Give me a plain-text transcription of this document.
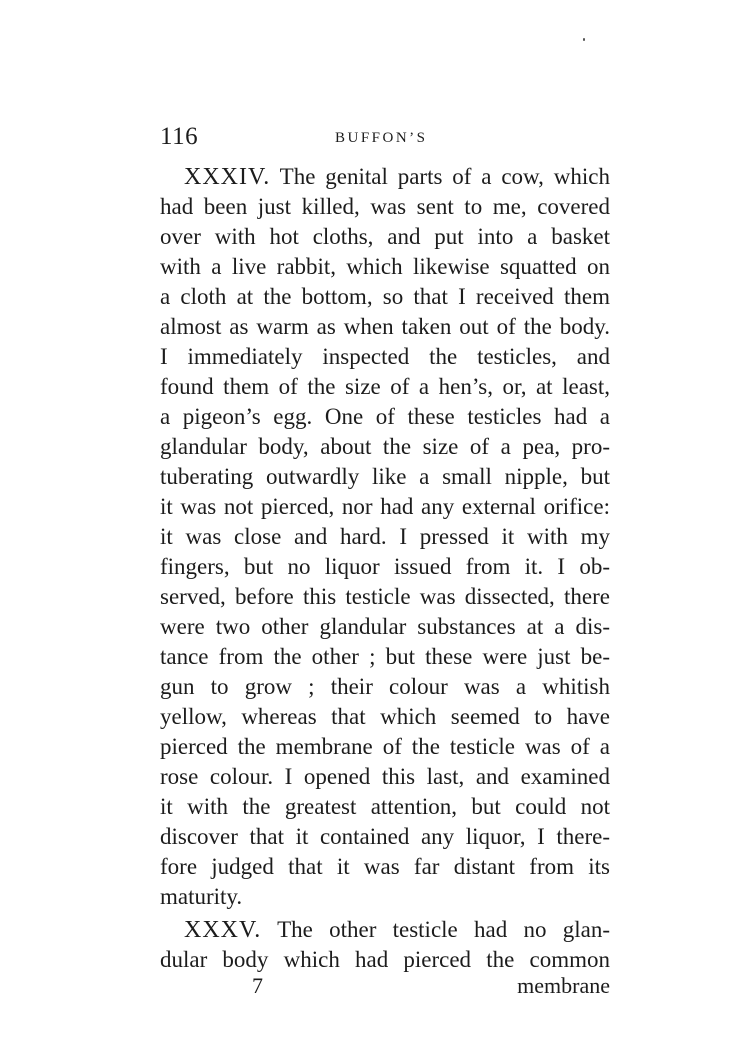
116	BUFFON’S
XXXIV. The genital parts of a cow, which
had been just killed, was sent to me, covered
over with hot cloths, and put into a basket
with a live rabbit, which likewise squatted on
a cloth at the bottom, so that I received them
almost as warm as when taken out of the body.
I immediately inspected the testicles, and
found them of the size of a hen’s, or, at least,
a pigeon’s egg. One of these testicles had a
glandular body, about the size of a pea, pro-
tuberating outwardly like a small nipple, but
it was not pierced, nor had any external orifice:
it was close and hard. I pressed it with my
fingers, but no liquor issued from it. I ob-
served, before this testicle was dissected, there
were two other glandular substances at a dis-
tance from the other ; but these were just be-
gun to grow ; their colour was a whitish
yellow, whereas that which seemed to have
pierced the membrane of the testicle was of a
rose colour. I opened this last, and examined
it with the greatest attention, but could not
discover that it contained any liquor, I there-
fore judged that it was far distant from its
maturity.
XXXV. The other testicle had no glan-
dular body which had pierced the common
7	membrane
